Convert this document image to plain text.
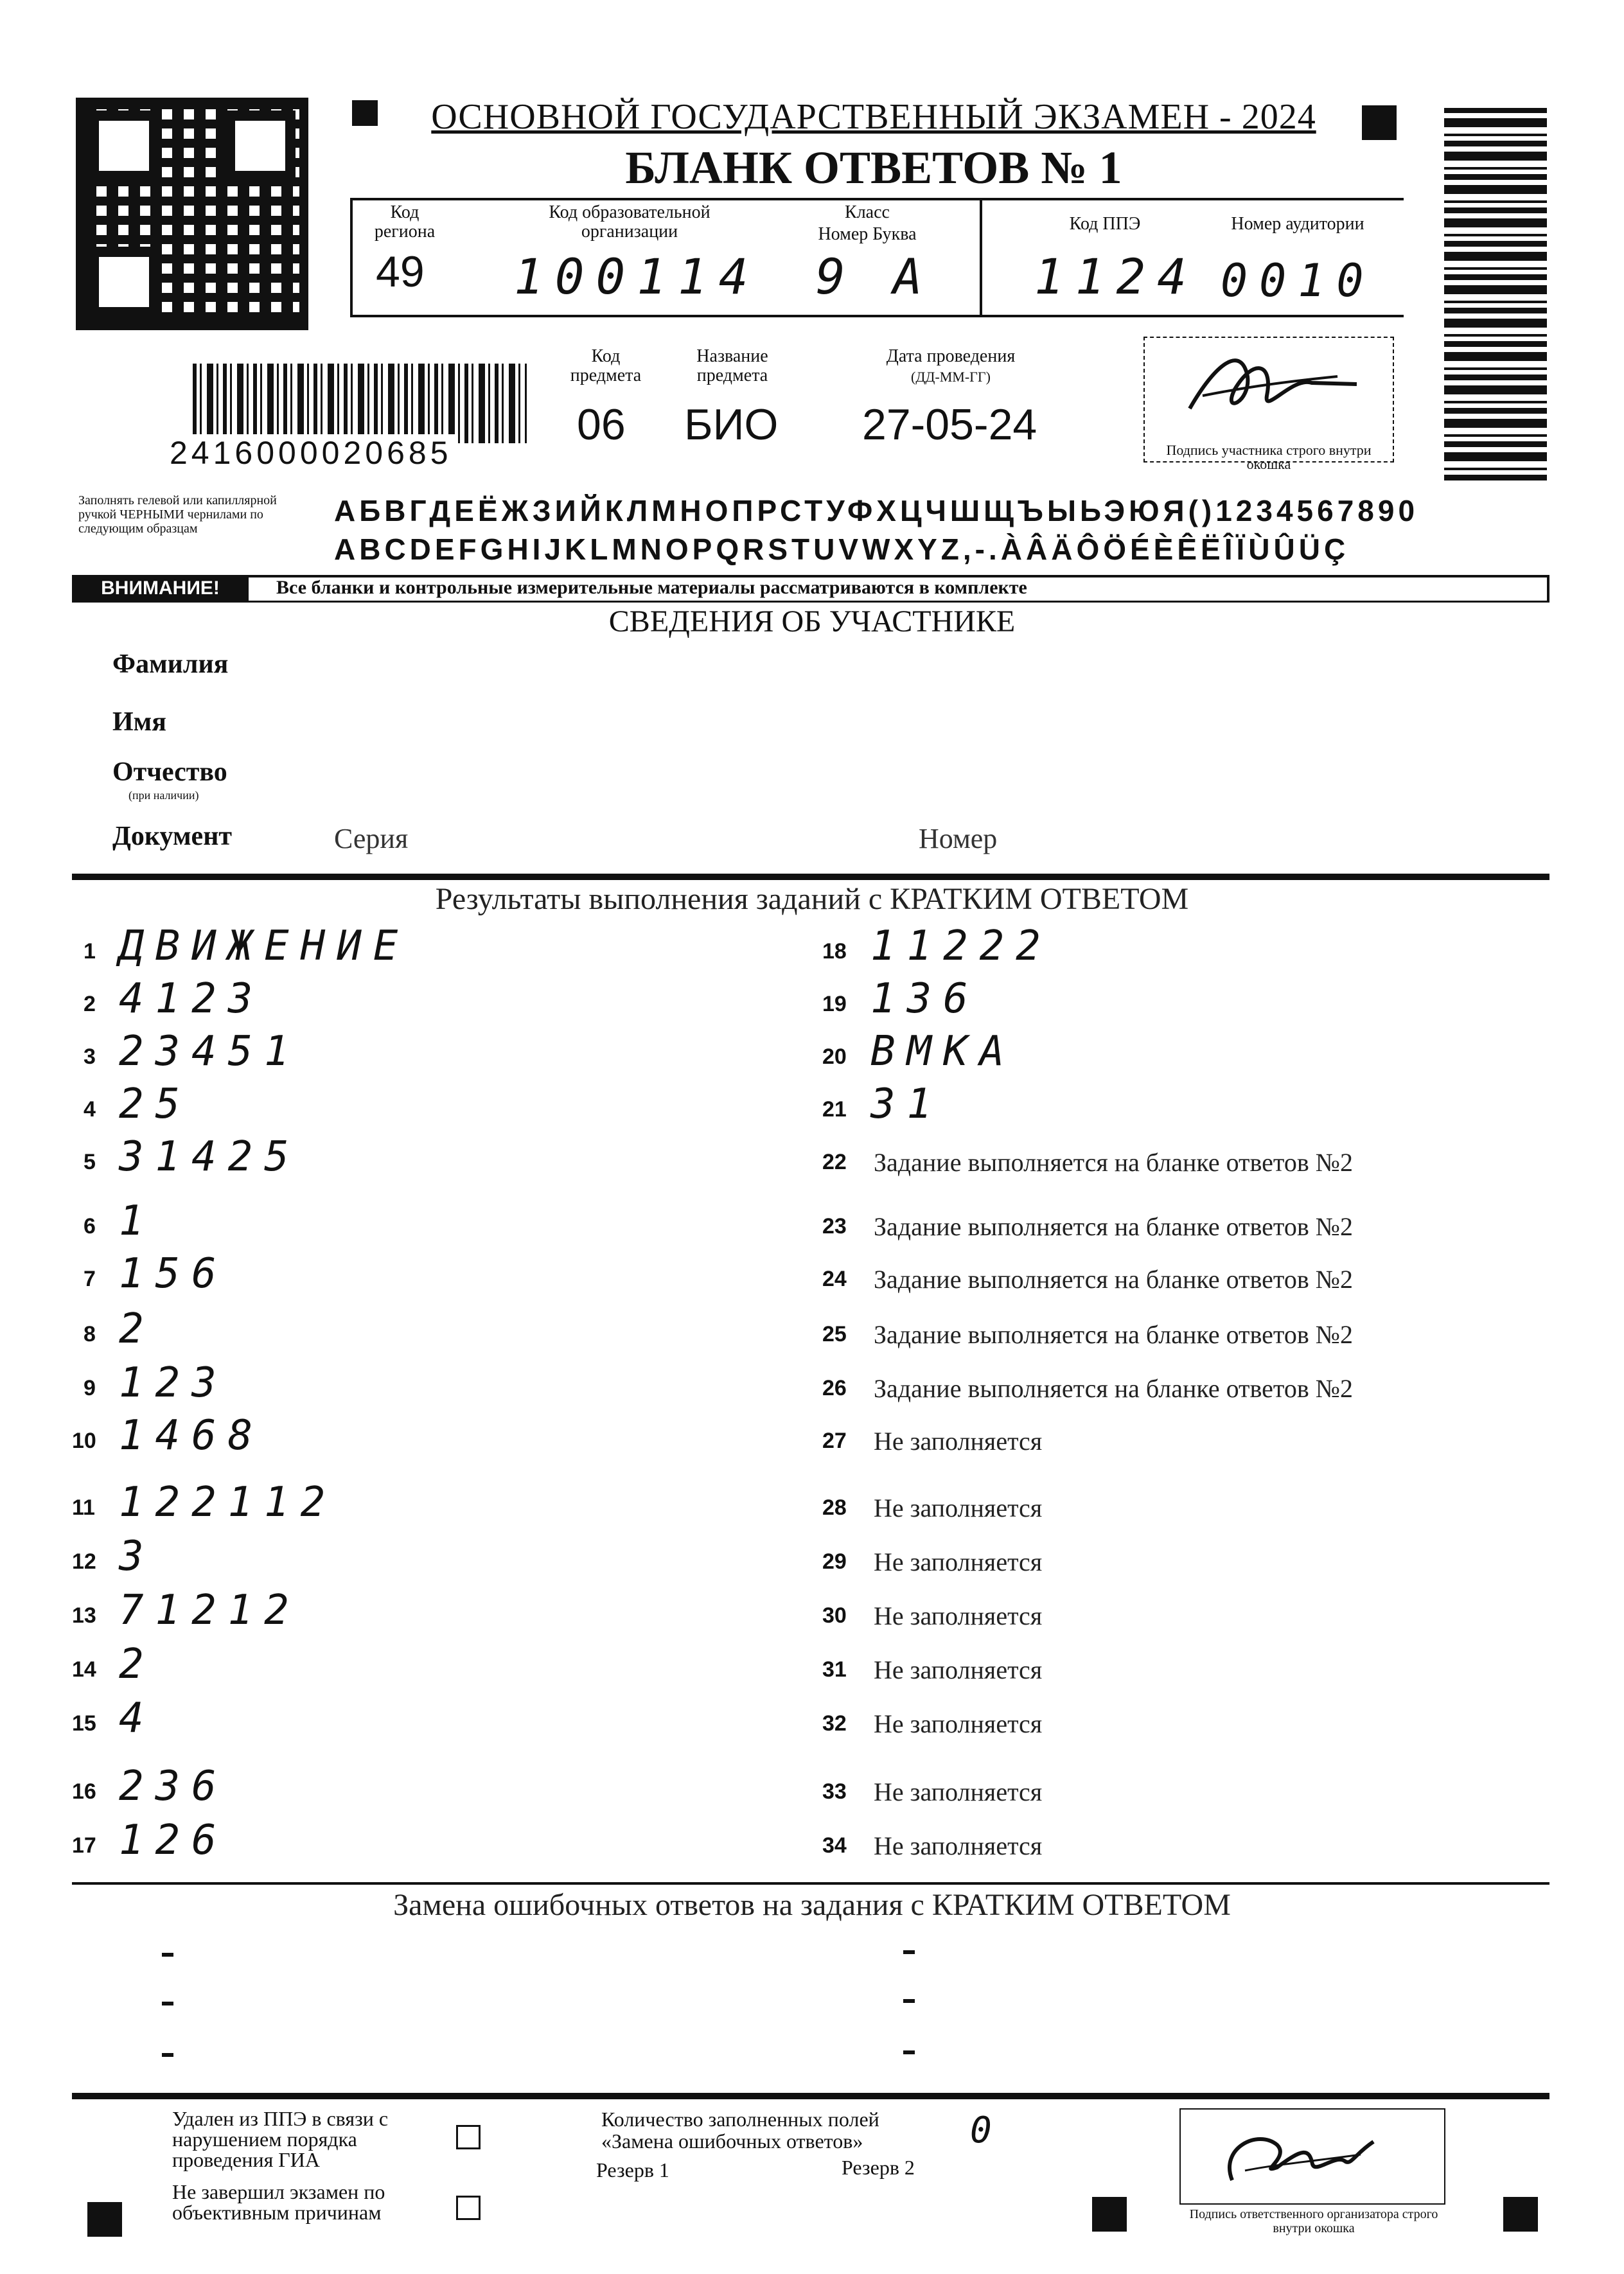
ОСНОВНОЙ ГОСУДАРСТВЕННЫЙ ЭКЗАМЕН - 2024
БЛАНК ОТВЕТОВ № 1
Код региона
49
Код образовательной организации
100114
Класс
Номер Буква
9 А
Код ППЭ
1124
Номер аудитории
0010
2416000020685
Код предмета
06
Название предмета
БИО
Дата проведения
(ДД-ММ-ГГ)
27-05-24
Подпись участника строго внутри окошка
Заполнять гелевой или капиллярной ручкой ЧЕРНЫМИ чернилами по следующим образцам
АБВГДЕЁЖЗИЙКЛМНОПРСТУФХЦЧШЩЪЫЬЭЮЯ()1234567890
ABCDEFGHIJKLMNOPQRSTUVWXYZ,-.ÀÂÄÔÖÉÈÊËÎÏÙÛÜÇ
ВНИМАНИЕ!	Все бланки и контрольные измерительные материалы рассматриваются в комплекте
СВЕДЕНИЯ ОБ УЧАСТНИКЕ
Фамилия
Имя
Отчество
(при наличии)
Документ	Серия	Номер
Результаты выполнения заданий с КРАТКИМ ОТВЕТОМ
1 ДВИЖЕНИЕ
2 4123
3 23451
4 25
5 31425
6 1
7 156
8 2
9 123
10 1468
11 122112
12 3
13 71212
14 2
15 4
16 236
17 126
18 11222
19 136
20 ВМКА
21 31
22 Задание выполняется на бланке ответов №2
23 Задание выполняется на бланке ответов №2
24 Задание выполняется на бланке ответов №2
25 Задание выполняется на бланке ответов №2
26 Задание выполняется на бланке ответов №2
27 Не заполняется
28 Не заполняется
29 Не заполняется
30 Не заполняется
31 Не заполняется
32 Не заполняется
33 Не заполняется
34 Не заполняется
Замена ошибочных ответов на задания с КРАТКИМ ОТВЕТОМ
Удален из ППЭ в связи с нарушением порядка проведения ГИА
Не завершил экзамен по объективным причинам
Количество заполненных полей «Замена ошибочных ответов»	0
Резерв 1	Резерв 2
Подпись ответственного организатора строго внутри окошка
